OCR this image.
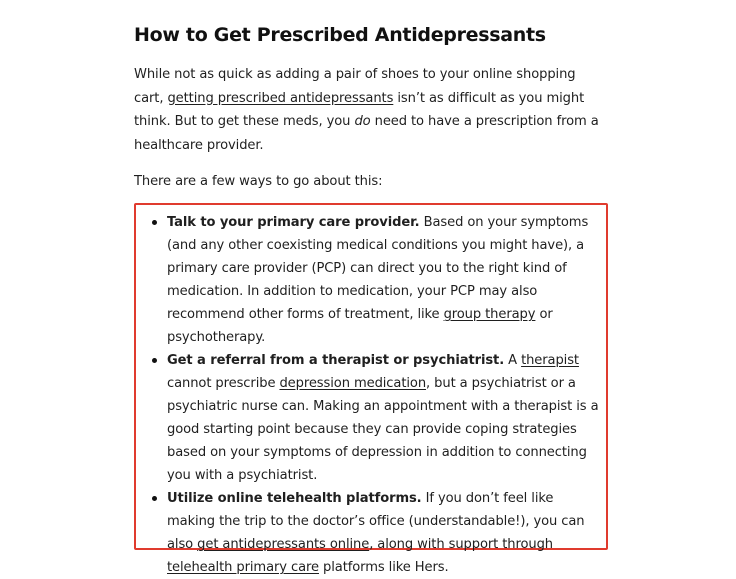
How to Get Prescribed Antidepressants

While not as quick as adding a pair of shoes to your online shopping cart, getting prescribed antidepressants isn’t as difficult as you might think. But to get these meds, you do need to have a prescription from a healthcare provider.

There are a few ways to go about this:

Talk to your primary care provider. Based on your symptoms (and any other coexisting medical conditions you might have), a primary care provider (PCP) can direct you to the right kind of medication. In addition to medication, your PCP may also recommend other forms of treatment, like group therapy or psychotherapy.
Get a referral from a therapist or psychiatrist. A therapist cannot prescribe depression medication, but a psychiatrist or a psychiatric nurse can. Making an appointment with a therapist is a good starting point because they can provide coping strategies based on your symptoms of depression in addition to connecting you with a psychiatrist.
Utilize online telehealth platforms. If you don’t feel like making the trip to the doctor’s office (understandable!), you can also get antidepressants online, along with support through telehealth primary care platforms like Hers.
